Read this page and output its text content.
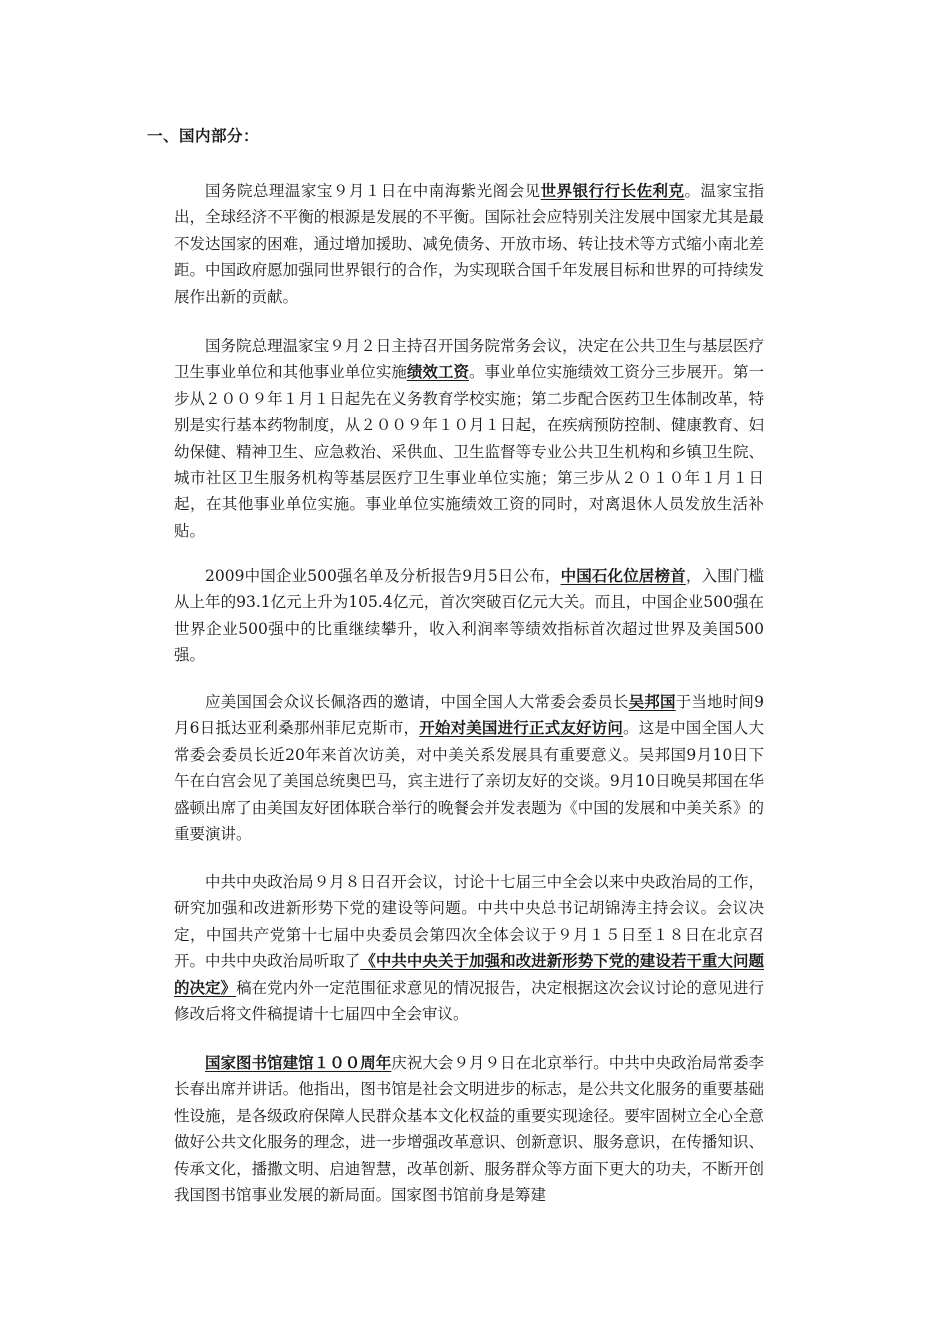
一、国内部分：

国务院总理温家宝９月１日在中南海紫光阁会见世界银行行长佐利克。温家宝指出，全球经济不平衡的根源是发展的不平衡。国际社会应特别关注发展中国家尤其是最不发达国家的困难，通过增加援助、减免债务、开放市场、转让技术等方式缩小南北差距。中国政府愿加强同世界银行的合作，为实现联合国千年发展目标和世界的可持续发展作出新的贡献。

国务院总理温家宝９月２日主持召开国务院常务会议，决定在公共卫生与基层医疗卫生事业单位和其他事业单位实施绩效工资。事业单位实施绩效工资分三步展开。第一步从２００９年１月１日起先在义务教育学校实施；第二步配合医药卫生体制改革，特别是实行基本药物制度，从２００９年１０月１日起，在疾病预防控制、健康教育、妇幼保健、精神卫生、应急救治、采供血、卫生监督等专业公共卫生机构和乡镇卫生院、城市社区卫生服务机构等基层医疗卫生事业单位实施；第三步从２０１０年１月１日起，在其他事业单位实施。事业单位实施绩效工资的同时，对离退休人员发放生活补贴。

2009中国企业500强名单及分析报告9月5日公布，中国石化位居榜首，入围门槛从上年的93.1亿元上升为105.4亿元，首次突破百亿元大关。而且，中国企业500强在世界企业500强中的比重继续攀升，收入利润率等绩效指标首次超过世界及美国500强。

应美国国会众议长佩洛西的邀请，中国全国人大常委会委员长吴邦国于当地时间9月6日抵达亚利桑那州菲尼克斯市，开始对美国进行正式友好访问。这是中国全国人大常委会委员长近20年来首次访美，对中美关系发展具有重要意义。吴邦国9月10日下午在白宫会见了美国总统奥巴马，宾主进行了亲切友好的交谈。9月10日晚吴邦国在华盛顿出席了由美国友好团体联合举行的晚餐会并发表题为《中国的发展和中美关系》的重要演讲。

中共中央政治局９月８日召开会议，讨论十七届三中全会以来中央政治局的工作，研究加强和改进新形势下党的建设等问题。中共中央总书记胡锦涛主持会议。会议决定，中国共产党第十七届中央委员会第四次全体会议于９月１５日至１８日在北京召开。中共中央政治局听取了《中共中央关于加强和改进新形势下党的建设若干重大问题的决定》稿在党内外一定范围征求意见的情况报告，决定根据这次会议讨论的意见进行修改后将文件稿提请十七届四中全会审议。

国家图书馆建馆１００周年庆祝大会９月９日在北京举行。中共中央政治局常委李长春出席并讲话。他指出，图书馆是社会文明进步的标志，是公共文化服务的重要基础性设施，是各级政府保障人民群众基本文化权益的重要实现途径。要牢固树立全心全意做好公共文化服务的理念，进一步增强改革意识、创新意识、服务意识，在传播知识、传承文化，播撒文明、启迪智慧，改革创新、服务群众等方面下更大的功夫，不断开创我国图书馆事业发展的新局面。国家图书馆前身是筹建
